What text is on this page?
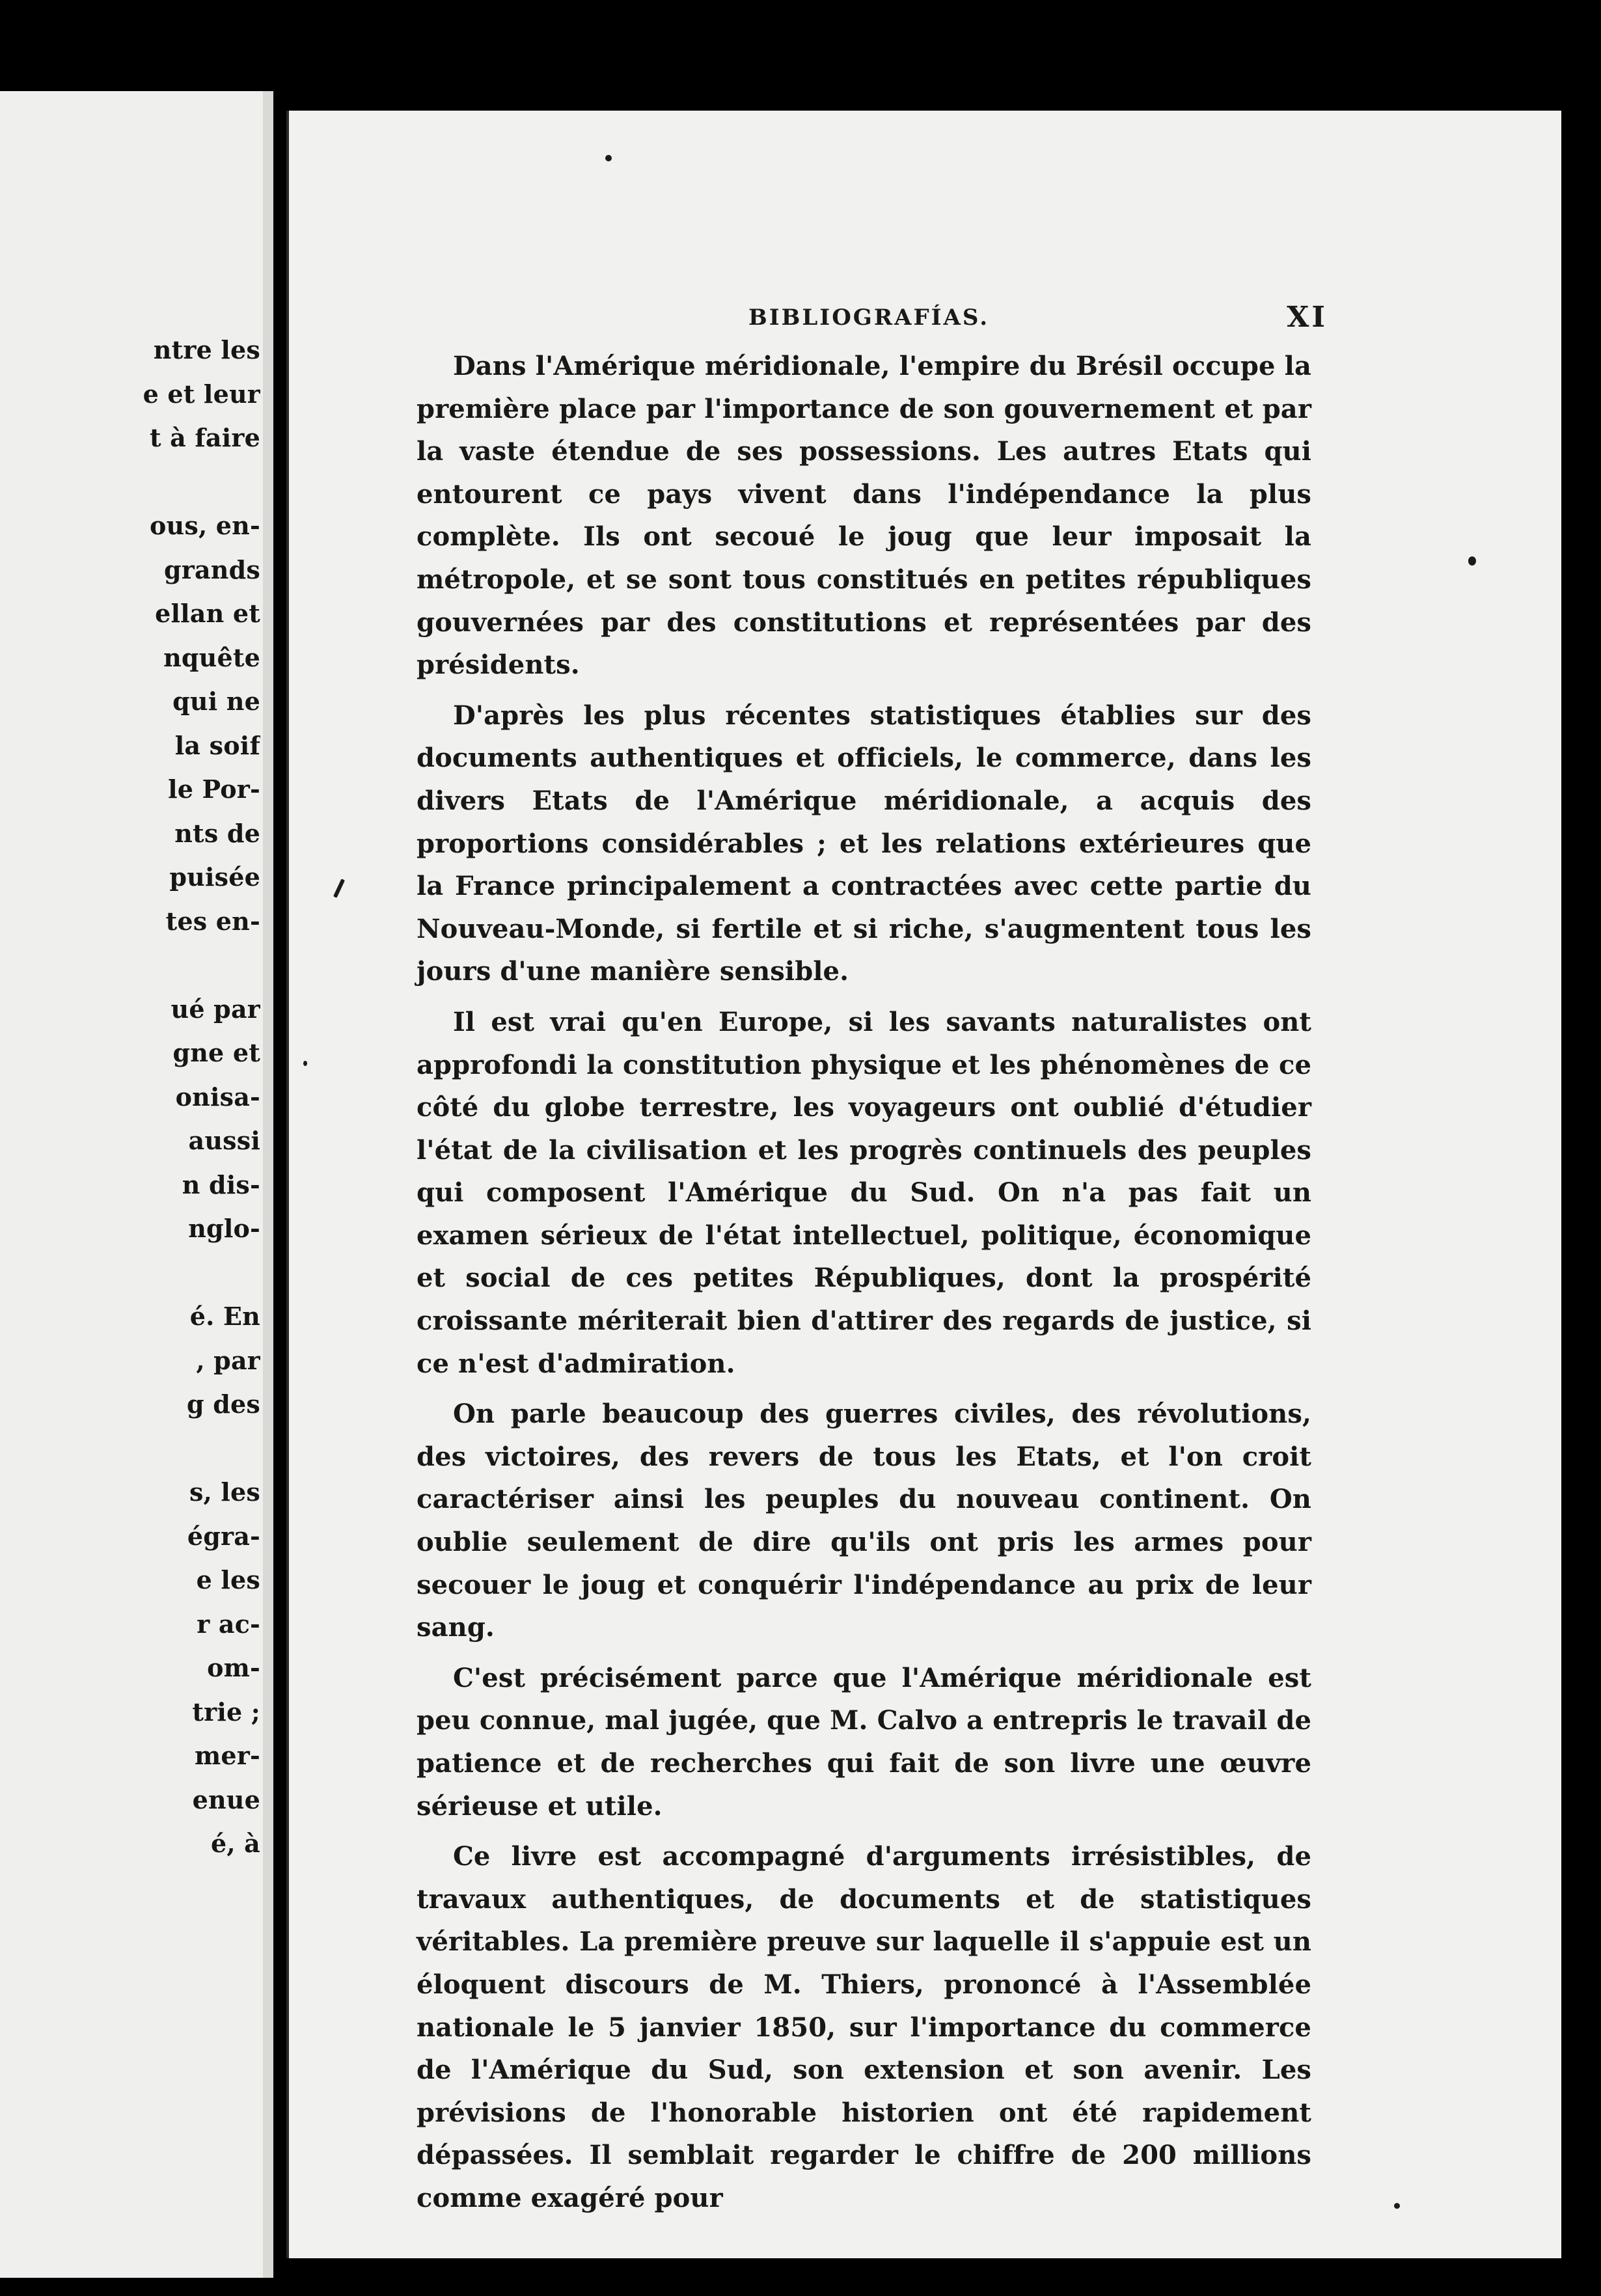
ntre les
e et leur
t à faire
ous, en-
grands
ellan et
nquête
qui ne
la soif
le Por-
nts de
puisée
tes en-
ué par
gne et
onisa-
aussi
n dis-
nglo-
é. En
, par
g des
s, les
égra-
e les
r ac-
om-
trie ;
mer-
enue
é, à
BIBLIOGRAFÍAS.	XI

Dans l'Amérique méridionale, l'empire du Brésil occupe la première place par l'importance de son gouvernement et par la vaste étendue de ses possessions. Les autres Etats qui entourent ce pays vivent dans l'indépendance la plus complète. Ils ont secoué le joug que leur imposait la métropole, et se sont tous constitués en petites républiques gouvernées par des constitutions et représentées par des présidents.

D'après les plus récentes statistiques établies sur des documents authentiques et officiels, le commerce, dans les divers Etats de l'Amérique méridionale, a acquis des proportions considérables ; et les relations extérieures que la France principalement a contractées avec cette partie du Nouveau-Monde, si fertile et si riche, s'augmentent tous les jours d'une manière sensible.

Il est vrai qu'en Europe, si les savants naturalistes ont approfondi la constitution physique et les phénomènes de ce côté du globe terrestre, les voyageurs ont oublié d'étudier l'état de la civilisation et les progrès continuels des peuples qui composent l'Amérique du Sud. On n'a pas fait un examen sérieux de l'état intellectuel, politique, économique et social de ces petites Républiques, dont la prospérité croissante mériterait bien d'attirer des regards de justice, si ce n'est d'admiration.

On parle beaucoup des guerres civiles, des révolutions, des victoires, des revers de tous les Etats, et l'on croit caractériser ainsi les peuples du nouveau continent. On oublie seulement de dire qu'ils ont pris les armes pour secouer le joug et conquérir l'indépendance au prix de leur sang.

C'est précisément parce que l'Amérique méridionale est peu connue, mal jugée, que M. Calvo a entrepris le travail de patience et de recherches qui fait de son livre une œuvre sérieuse et utile.

Ce livre est accompagné d'arguments irrésistibles, de travaux authentiques, de documents et de statistiques véritables. La première preuve sur laquelle il s'appuie est un éloquent discours de M. Thiers, prononcé à l'Assemblée nationale le 5 janvier 1850, sur l'importance du commerce de l'Amérique du Sud, son extension et son avenir. Les prévisions de l'honorable historien ont été rapidement dépassées. Il semblait regarder le chiffre de 200 millions comme exagéré pour
